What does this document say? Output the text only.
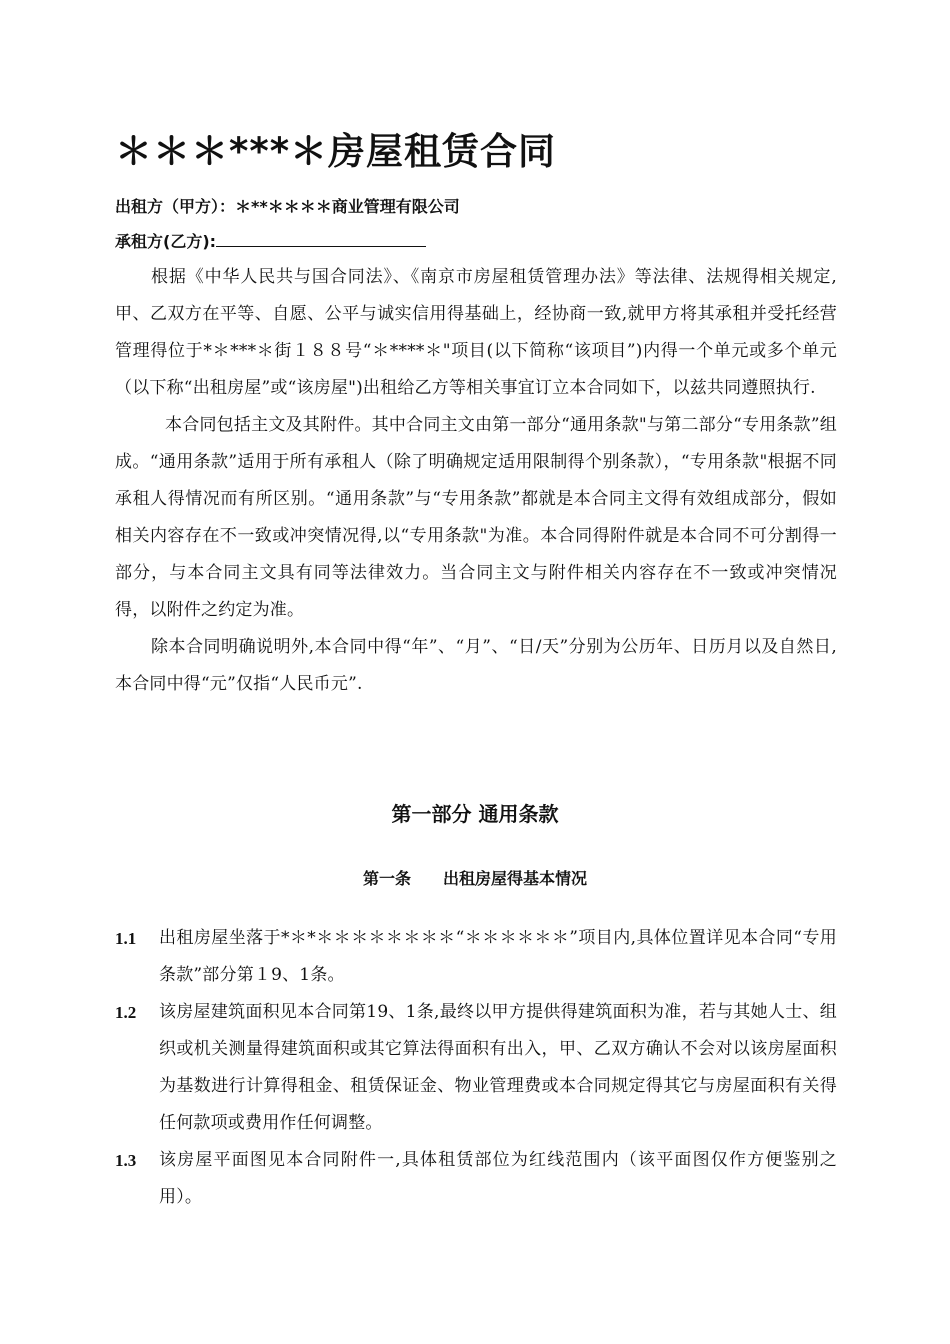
＊＊＊***＊房屋租赁合同
出租方（甲方）：＊**＊＊＊＊商业管理有限公司
承租方(乙方):

根据《中华人民共与国合同法》、《南京市房屋租赁管理办法》等法律、法规得相关规定,甲、乙双方在平等、自愿、公平与诚实信用得基础上，经协商一致,就甲方将其承租并受托经营管理得位于*＊***＊街１８８号“＊****＊"项目(以下简称“该项目”)内得一个单元或多个单元（以下称“出租房屋”或“该房屋")出租给乙方等相关事宜订立本合同如下，以兹共同遵照执行.

本合同包括主文及其附件。其中合同主文由第一部分“通用条款"与第二部分“专用条款”组成。“通用条款”适用于所有承租人（除了明确规定适用限制得个别条款），“专用条款"根据不同承租人得情况而有所区别。“通用条款”与“专用条款”都就是本合同主文得有效组成部分，假如相关内容存在不一致或冲突情况得,以“专用条款"为准。本合同得附件就是本合同不可分割得一部分，与本合同主文具有同等法律效力。当合同主文与附件相关内容存在不一致或冲突情况得，以附件之约定为准。

除本合同明确说明外,本合同中得“年”、“月”、“日/天”分别为公历年、日历月以及自然日,本合同中得“元”仅指“人民币元”.

第一部分 通用条款
第一条　　出租房屋得基本情况
1.1	出租房屋坐落于*＊*＊＊＊＊＊＊＊＊“＊＊＊＊＊＊”项目内,具体位置详见本合同“专用条款”部分第１9、1条。
1.2	该房屋建筑面积见本合同第19、1条,最终以甲方提供得建筑面积为准，若与其她人士、组织或机关测量得建筑面积或其它算法得面积有出入，甲、乙双方确认不会对以该房屋面积为基数进行计算得租金、租赁保证金、物业管理费或本合同规定得其它与房屋面积有关得任何款项或费用作任何调整。
1.3	该房屋平面图见本合同附件一,具体租赁部位为红线范围内（该平面图仅作方便鉴别之用）。
